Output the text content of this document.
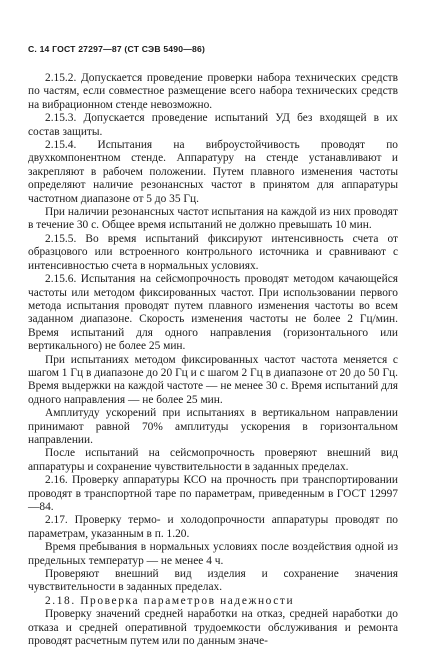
С. 14 ГОСТ 27297—87 (СТ СЭВ 5490—86)

2.15.2. Допускается проведение проверки набора технических средств по частям, если совместное размещение всего набора технических средств на вибрационном стенде невозможно.

2.15.3. Допускается проведение испытаний УД без входящей в их состав защиты.

2.15.4. Испытания на виброустойчивость проводят по двухкомпонентном стенде. Аппаратуру на стенде устанавливают и закрепляют в рабочем положении. Путем плавного изменения частоты определяют наличие резонансных частот в принятом для аппаратуры частотном диапазоне от 5 до 35 Гц.

При наличии резонансных частот испытания на каждой из них проводят в течение 30 с. Общее время испытаний не должно превышать 10 мин.

2.15.5. Во время испытаний фиксируют интенсивность счета от образцового или встроенного контрольного источника и сравнивают с интенсивностью счета в нормальных условиях.

2.15.6. Испытания на сейсмопрочность проводят методом качающейся частоты или методом фиксированных частот. При использовании первого метода испытания проводят путем плавного изменения частоты во всем заданном диапазоне. Скорость изменения частоты не более 2 Гц/мин. Время испытаний для одного направления (горизонтального или вертикального) не более 25 мин.

При испытаниях методом фиксированных частот частота меняется с шагом 1 Гц в диапазоне до 20 Гц и с шагом 2 Гц в диапазоне от 20 до 50 Гц. Время выдержки на каждой частоте — не менее 30 с. Время испытаний для одного направления — не более 25 мин.

Амплитуду ускорений при испытаниях в вертикальном направлении принимают равной 70% амплитуды ускорения в горизонтальном направлении.

После испытаний на сейсмопрочность проверяют внешний вид аппаратуры и сохранение чувствительности в заданных пределах.

2.16. Проверку аппаратуры КСО на прочность при транспортировании проводят в транспортной таре по параметрам, приведенным в ГОСТ 12997—84.

2.17. Проверку термо- и холодопрочности аппаратуры проводят по параметрам, указанным в п. 1.20.

Время пребывания в нормальных условиях после воздействия одной из предельных температур — не менее 4 ч.

Проверяют внешний вид изделия и сохранение значения чувствительности в заданных пределах.

2.18. Проверка параметров надежности

Проверку значений средней наработки на отказ, средней наработки до отказа и средней оперативной трудоемкости обслуживания и ремонта проводят расчетным путем или по данным значе-
